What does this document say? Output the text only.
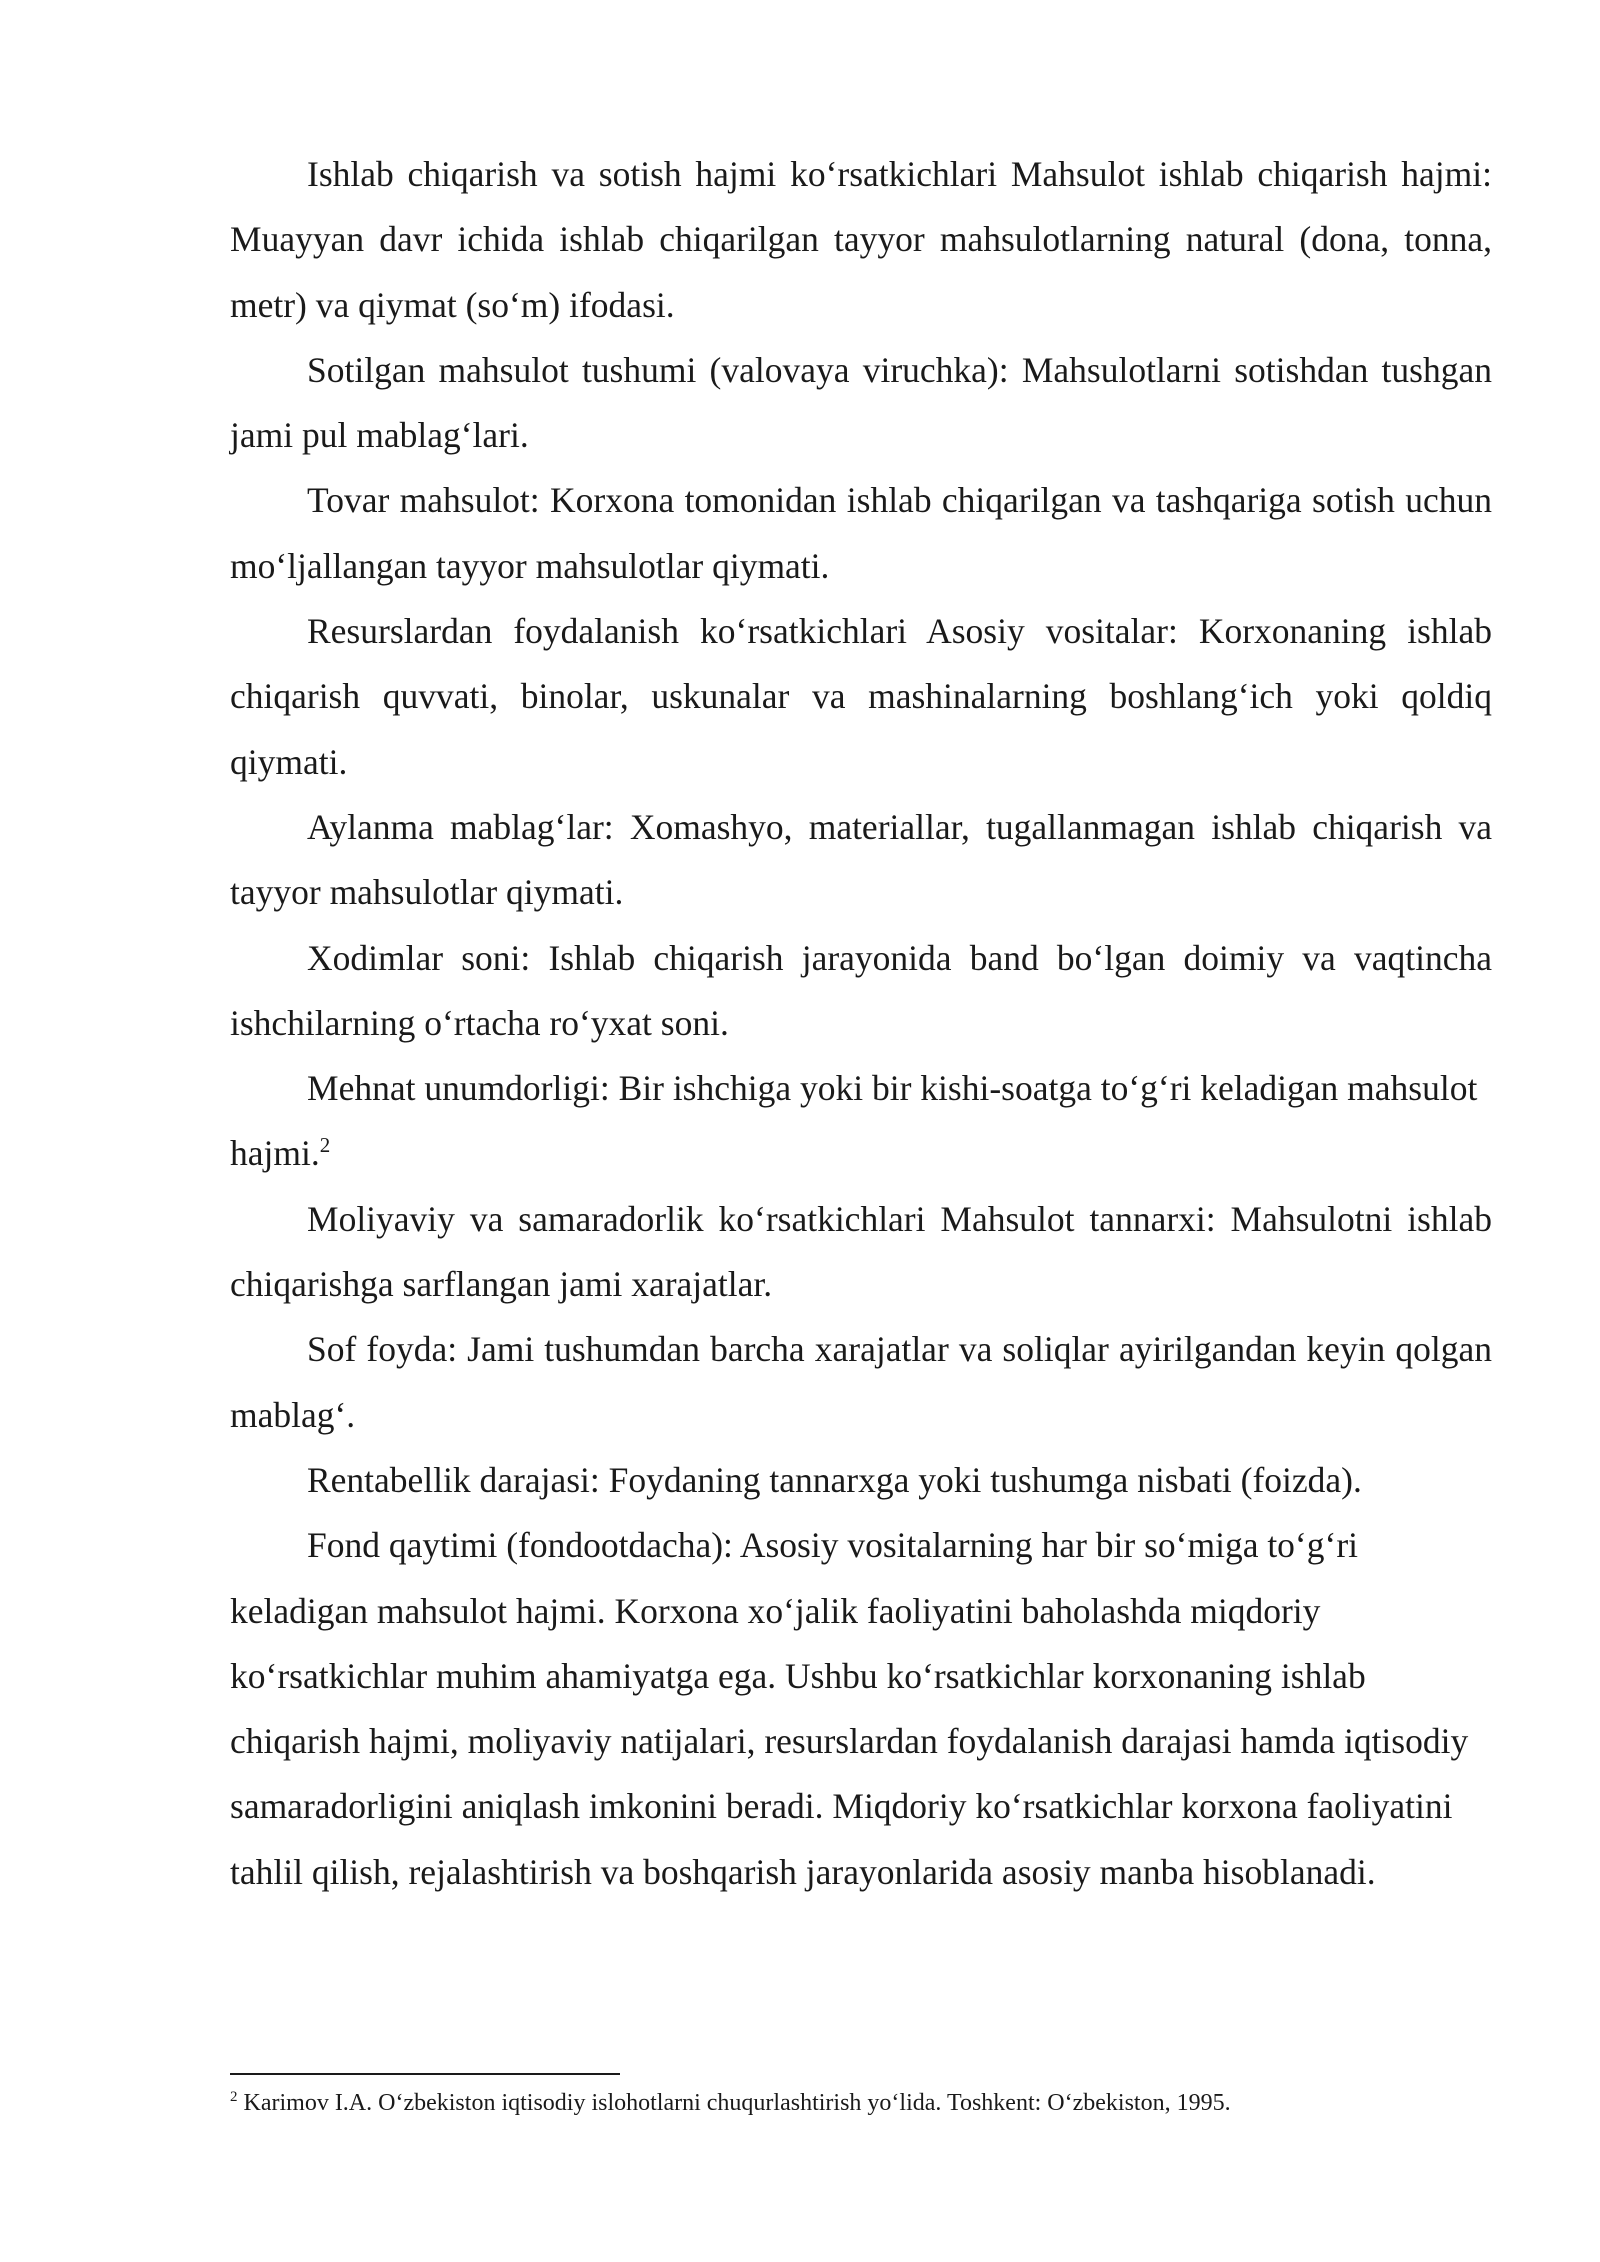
Ishlab chiqarish va sotish hajmi ko‘rsatkichlari Mahsulot ishlab chiqarish hajmi: Muayyan davr ichida ishlab chiqarilgan tayyor mahsulotlarning natural (dona, tonna, metr) va qiymat (so‘m) ifodasi.

Sotilgan mahsulot tushumi (valovaya viruchka): Mahsulotlarni sotishdan tushgan jami pul mablag‘lari.

Tovar mahsulot: Korxona tomonidan ishlab chiqarilgan va tashqariga sotish uchun mo‘ljallangan tayyor mahsulotlar qiymati.

Resurslardan foydalanish ko‘rsatkichlari Asosiy vositalar: Korxonaning ishlab chiqarish quvvati, binolar, uskunalar va mashinalarning boshlang‘ich yoki qoldiq qiymati.

Aylanma mablag‘lar: Xomashyo, materiallar, tugallanmagan ishlab chiqarish va tayyor mahsulotlar qiymati.

Xodimlar soni: Ishlab chiqarish jarayonida band bo‘lgan doimiy va vaqtincha ishchilarning o‘rtacha ro‘yxat soni.

Mehnat unumdorligi: Bir ishchiga yoki bir kishi-soatga to‘g‘ri keladigan mahsulot hajmi.$^2$

Moliyaviy va samaradorlik ko‘rsatkichlari Mahsulot tannarxi: Mahsulotni ishlab chiqarishga sarflangan jami xarajatlar.

Sof foyda: Jami tushumdan barcha xarajatlar va soliqlar ayirilgandan keyin qolgan mablag‘.

Rentabellik darajasi: Foydaning tannarxga yoki tushumga nisbati (foizda).

Fond qaytimi (fondootdacha): Asosiy vositalarning har bir so‘miga to‘g‘ri keladigan mahsulot hajmi. Korxona xo‘jalik faoliyatini baholashda miqdoriy ko‘rsatkichlar muhim ahamiyatga ega. Ushbu ko‘rsatkichlar korxonaning ishlab chiqarish hajmi, moliyaviy natijalari, resurslardan foydalanish darajasi hamda iqtisodiy samaradorligini aniqlash imkonini beradi. Miqdoriy ko‘rsatkichlar korxona faoliyatini tahlil qilish, rejalashtirish va boshqarish jarayonlarida asosiy manba hisoblanadi.

$^2$ Karimov I.A. O‘zbekiston iqtisodiy islohotlarni chuqurlashtirish yo‘lida. Toshkent: O‘zbekiston, 1995.
